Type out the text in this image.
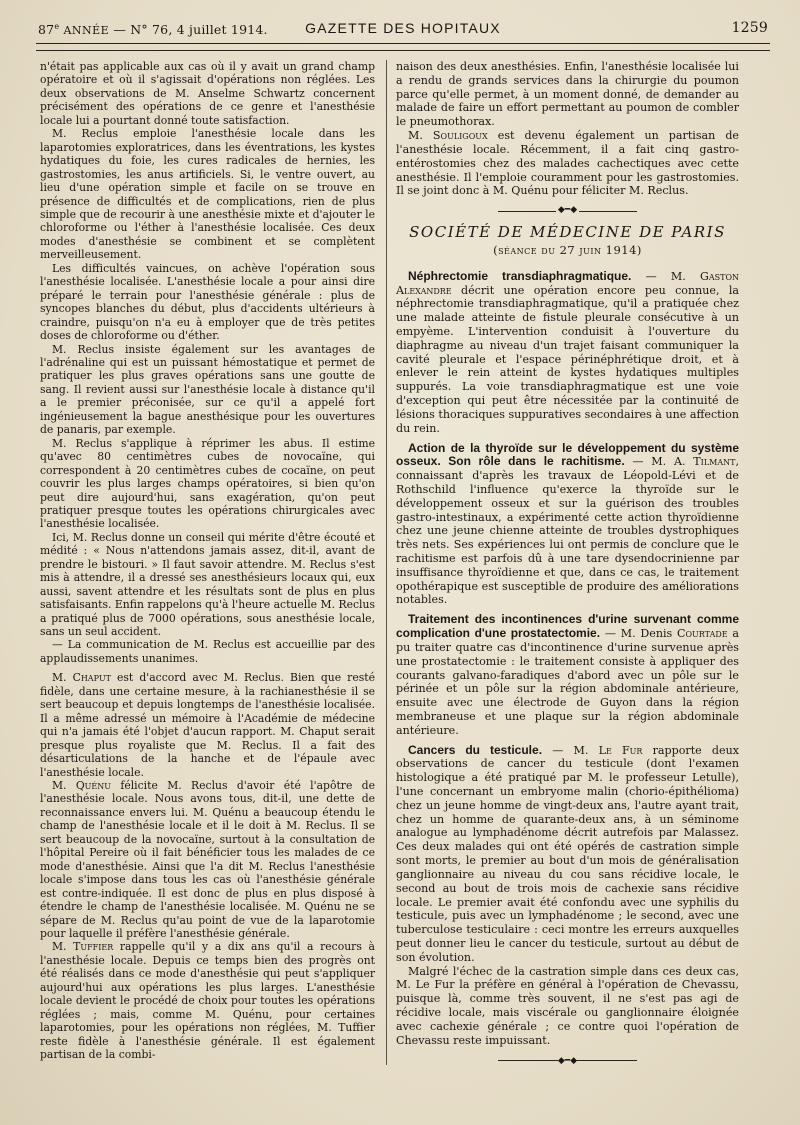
87e ANNÉE — N° 76, 4 juillet 1914.	GAZETTE DES HOPITAUX	1259

n'était pas applicable aux cas où il y avait un grand champ opératoire et où il s'agissait d'opérations non réglées. Les deux observations de M. Anselme Schwartz concernent précisément des opérations de ce genre et l'anesthésie locale lui a pourtant donné toute satisfaction.

M. Reclus emploie l'anesthésie locale dans les laparotomies exploratrices, dans les éventrations, les kystes hydatiques du foie, les cures radicales de hernies, les gastrostomies, les anus artificiels. Si, le ventre ouvert, au lieu d'une opération simple et facile on se trouve en présence de difficultés et de complications, rien de plus simple que de recourir à une anesthésie mixte et d'ajouter le chloroforme ou l'éther à l'anesthésie localisée. Ces deux modes d'anesthésie se combinent et se complètent merveilleusement.

Les difficultés vaincues, on achève l'opération sous l'anesthésie localisée. L'anesthésie locale a pour ainsi dire préparé le terrain pour l'anesthésie générale : plus de syncopes blanches du début, plus d'accidents ultérieurs à craindre, puisqu'on n'a eu à employer que de très petites doses de chloroforme ou d'éther.

M. Reclus insiste également sur les avantages de l'adrénaline qui est un puissant hémostatique et permet de pratiquer les plus graves opérations sans une goutte de sang. Il revient aussi sur l'anesthésie locale à distance qu'il a le premier préconisée, sur ce qu'il a appelé fort ingénieusement la bague anesthésique pour les ouvertures de panaris, par exemple.

M. Reclus s'applique à réprimer les abus. Il estime qu'avec 80 centimètres cubes de novocaïne, qui correspondent à 20 centimètres cubes de cocaïne, on peut couvrir les plus larges champs opératoires, si bien qu'on peut dire aujourd'hui, sans exagération, qu'on peut pratiquer presque toutes les opérations chirurgicales avec l'anesthésie localisée.

Ici, M. Reclus donne un conseil qui mérite d'être écouté et médité : « Nous n'attendons jamais assez, dit-il, avant de prendre le bistouri. » Il faut savoir attendre. M. Reclus s'est mis à attendre, il a dressé ses anesthésieurs locaux qui, eux aussi, savent attendre et les résultats sont de plus en plus satisfaisants. Enfin rappelons qu'à l'heure actuelle M. Reclus a pratiqué plus de 7000 opérations, sous anesthésie locale, sans un seul accident.

— La communication de M. Reclus est accueillie par des applaudissements unanimes.

M. Chaput est d'accord avec M. Reclus. Bien que resté fidèle, dans une certaine mesure, à la rachianesthésie il se sert beaucoup et depuis longtemps de l'anesthésie localisée. Il a même adressé un mémoire à l'Académie de médecine qui n'a jamais été l'objet d'aucun rapport. M. Chaput serait presque plus royaliste que M. Reclus. Il a fait des désarticulations de la hanche et de l'épaule avec l'anesthésie locale.

M. Quénu félicite M. Reclus d'avoir été l'apôtre de l'anesthésie locale. Nous avons tous, dit-il, une dette de reconnaissance envers lui. M. Quénu a beaucoup étendu le champ de l'anesthésie locale et il le doit à M. Reclus. Il se sert beaucoup de la novocaïne, surtout à la consultation de l'hôpital Pereire où il fait bénéficier tous les malades de ce mode d'anesthésie. Ainsi que l'a dit M. Reclus l'anesthésie locale s'impose dans tous les cas où l'anesthésie générale est contre-indiquée. Il est donc de plus en plus disposé à étendre le champ de l'anesthésie localisée. M. Quénu ne se sépare de M. Reclus qu'au point de vue de la laparotomie pour laquelle il préfère l'anesthésie générale.

M. Tuffier rappelle qu'il y a dix ans qu'il a recours à l'anesthésie locale. Depuis ce temps bien des progrès ont été réalisés dans ce mode d'anesthésie qui peut s'appliquer aujourd'hui aux opérations les plus larges. L'anesthésie locale devient le procédé de choix pour toutes les opérations réglées ; mais, comme M. Quénu, pour certaines laparotomies, pour les opérations non réglées, M. Tuffier reste fidèle à l'anesthésie générale. Il est également partisan de la combi-

naison des deux anesthésies. Enfin, l'anesthésie localisée lui a rendu de grands services dans la chirurgie du poumon parce qu'elle permet, à un moment donné, de demander au malade de faire un effort permettant au poumon de combler le pneumothorax.

M. Souligoux est devenu également un partisan de l'anesthésie locale. Récemment, il a fait cinq gastro-entérostomies chez des malades cachectiques avec cette anesthésie. Il l'emploie couramment pour les gastrostomies. Il se joint donc à M. Quénu pour féliciter M. Reclus.

◆━◆
SOCIÉTÉ DE MÉDECINE DE PARIS
(séance du 27 juin 1914)

Néphrectomie transdiaphragmatique. — M. Gaston Alexandre décrit une opération encore peu connue, la néphrectomie transdiaphragmatique, qu'il a pratiquée chez une malade atteinte de fistule pleurale consécutive à un empyème. L'intervention conduisit à l'ouverture du diaphragme au niveau d'un trajet faisant communiquer la cavité pleurale et l'espace périnéphrétique droit, et à enlever le rein atteint de kystes hydatiques multiples suppurés. La voie transdiaphragmatique est une voie d'exception qui peut être nécessitée par la continuité de lésions thoraciques suppuratives secondaires à une affection du rein.

Action de la thyroïde sur le développement du système osseux. Son rôle dans le rachitisme. — M. A. Tilmant, connaissant d'après les travaux de Léopold-Lévi et de Rothschild l'influence qu'exerce la thyroïde sur le développement osseux et sur la guérison des troubles gastro-intestinaux, a expérimenté cette action thyroïdienne chez une jeune chienne atteinte de troubles dystrophiques très nets. Ses expériences lui ont permis de conclure que le rachitisme est parfois dû à une tare dysendocrinienne par insuffisance thyroïdienne et que, dans ce cas, le traitement opothérapique est susceptible de produire des améliorations notables.

Traitement des incontinences d'urine survenant comme complication d'une prostatectomie. — M. Denis Courtade a pu traiter quatre cas d'incontinence d'urine survenue après une prostatectomie : le traitement consiste à appliquer des courants galvano-faradiques d'abord avec un pôle sur le périnée et un pôle sur la région abdominale antérieure, ensuite avec une électrode de Guyon dans la région membraneuse et une plaque sur la région abdominale antérieure.

Cancers du testicule. — M. Le Fur rapporte deux observations de cancer du testicule (dont l'examen histologique a été pratiqué par M. le professeur Letulle), l'une concernant un embryome malin (chorio-épithélioma) chez un jeune homme de vingt-deux ans, l'autre ayant trait, chez un homme de quarante-deux ans, à un séminome analogue au lymphadénome décrit autrefois par Malassez. Ces deux malades qui ont été opérés de castration simple sont morts, le premier au bout d'un mois de généralisation ganglionnaire au niveau du cou sans récidive locale, le second au bout de trois mois de cachexie sans récidive locale. Le premier avait été confondu avec une syphilis du testicule, puis avec un lymphadénome ; le second, avec une tuberculose testiculaire : ceci montre les erreurs auxquelles peut donner lieu le cancer du testicule, surtout au début de son évolution.

Malgré l'échec de la castration simple dans ces deux cas, M. Le Fur la préfère en général à l'opération de Chevassu, puisque là, comme très souvent, il ne s'est pas agi de récidive locale, mais viscérale ou ganglionnaire éloignée avec cachexie générale ; ce contre quoi l'opération de Chevassu reste impuissant.

◆━◆
